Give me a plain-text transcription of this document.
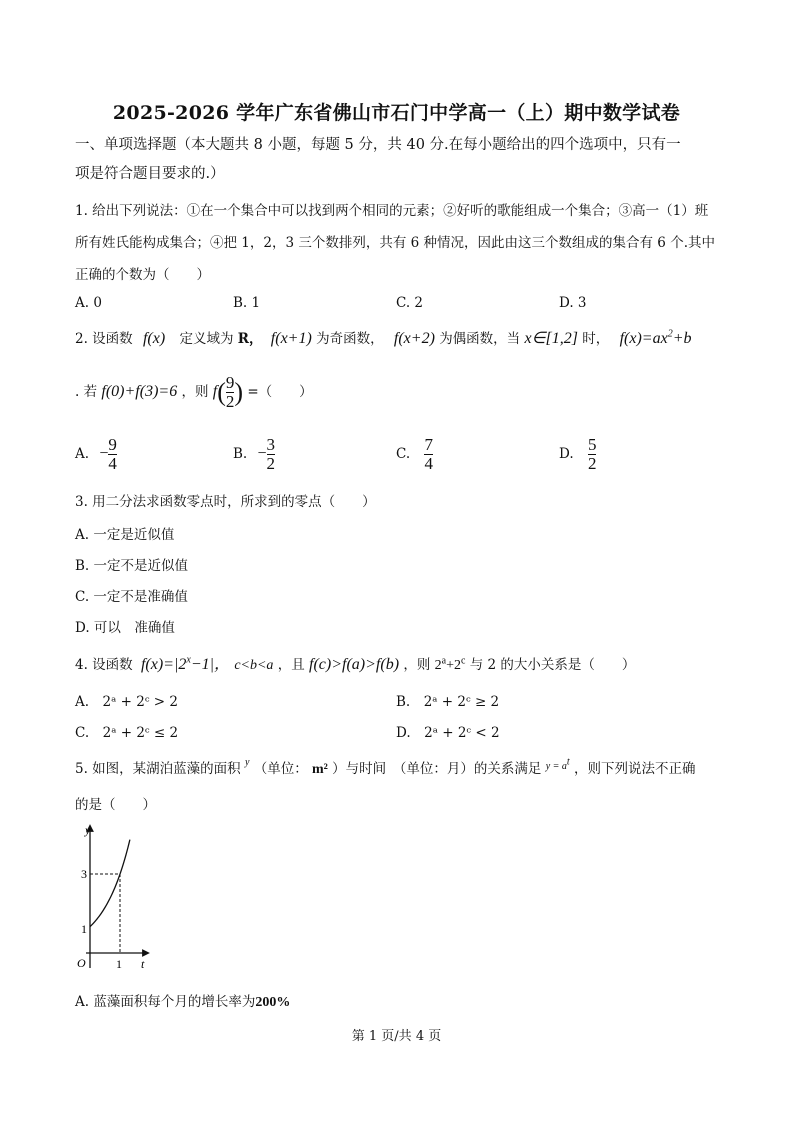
2025-2026 学年广东省佛山市石门中学高一（上）期中数学试卷
一、单项选择题（本大题共 8 小题，每题 5 分，共 40 分.在每小题给出的四个选项中，只有一
项是符合题目要求的.）
1. 给出下列说法：①在一个集合中可以找到两个相同的元素；②好听的歌能组成一个集合；③高一（1）班
所有姓氏能构成集合；④把 1，2，3 三个数排列，共有 6 种情况，因此由这三个数组成的集合有 6 个.其中
正确的个数为（　　）
A. 0	B. 1	C. 2	D. 3
2. 设函数 f(x) 定义域为 R， f(x+1) 为奇函数， f(x+2) 为偶函数，当 x∈[1,2] 时， $f(x)=ax^2+b$
. 若 f(0)+f(3)=6 ，则 $f( \frac{9}{2}$ ) =（　　）
A. − $\frac{9}{4}$	B. − $\frac{3}{2}$	C. $\frac{7}{4}$	D. $\frac{5}{2}$
3. 用二分法求函数零点时，所求到的零点（　　）
A. 一定是近似值
B. 一定不是近似值
C. 一定不是准确值
D. 可以　准确值
4. 设函数 $f(x)=|2^x-1|$， c<b<a ，且 f(c)>f(a)>f(b) ，则 $2^a+2^c$ 与 2 的大小关系是（　　）
A.　2ᵃ + 2ᶜ > 2	B.　2ᵃ + 2ᶜ ≥ 2
C.　2ᵃ + 2ᶜ ≤ 2	D.　2ᵃ + 2ᶜ < 2
5. 如图，某湖泊蓝藻的面积 $^y$ （单位： m² ）与时间　（单位：月）的关系满足 $^{y = a^t}$ ，则下列说法不正确
的是（　　）
y
t
O
1
3
1
A. 蓝藻面积每个月的增长率为200%
第 1 页/共 4 页
